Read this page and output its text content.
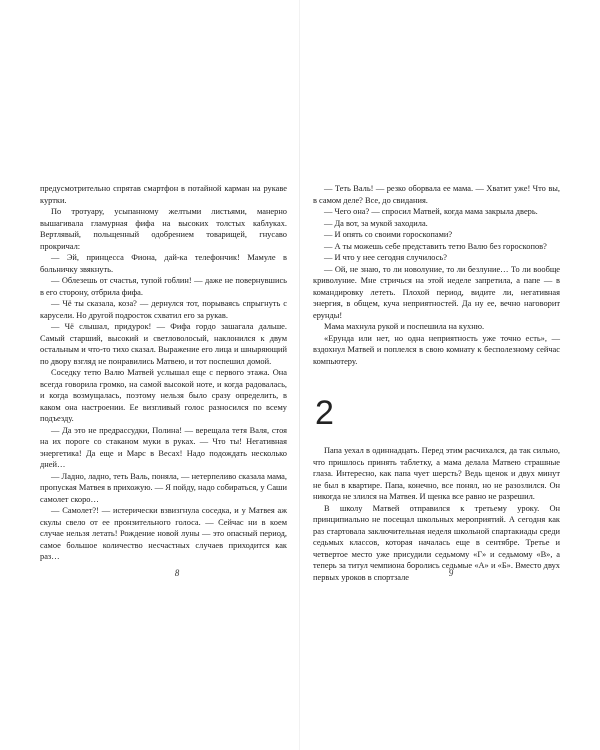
предусмотрительно спрятав смартфон в потайной карман на рукаве куртки.

По тротуару, усыпанному желтыми листьями, манерно вышагивала гламурная фифа на высоких толстых каблуках. Вертлявый, польщенный одобрением товарищей, гнусаво прокричал:

— Эй, принцесса Фиона, дай-ка телефончик! Мамуле в больничку звякнуть.

— Облезешь от счастья, тупой гоблин! — даже не повернувшись в его сторону, отбрила фифа.

— Чё ты сказала, коза? — дернулся тот, порываясь спрыгнуть с карусели. Но другой подросток схватил его за рукав.

— Чё слышал, придурок! — Фифа гордо зашагала дальше. Самый старший, высокий и светловолосый, наклонился к двум остальным и что-то тихо сказал. Выражение его лица и шныряющий по двору взгляд не понравились Матвею, и тот поспешил домой.

Соседку тетю Валю Матвей услышал еще с первого этажа. Она всегда говорила громко, на самой высокой ноте, и когда радовалась, и когда возмущалась, поэтому нельзя было сразу определить, в каком она настроении. Ее визгливый голос разносился по всему подъезду.

— Да это не предрассудки, Полина! — верещала тетя Валя, стоя на их пороге со стаканом муки в руках. — Что ты! Негативная энергетика! Да еще и Марс в Весах! Надо подождать несколько дней…

— Ладно, ладно, теть Валь, поняла, — нетерпеливо сказала мама, пропуская Матвея в прихожую. — Я пойду, надо собираться, у Саши самолет скоро…

— Самолет?! — истерически взвизгнула соседка, и у Матвея аж скулы свело от ее пронзительного голоса. — Сейчас ни в коем случае нельзя летать! Рождение новой луны — это опасный период, самое большое количество несчастных случаев приходится как раз…

8

— Теть Валь! — резко оборвала ее мама. — Хватит уже! Что вы, в самом деле? Все, до свидания.

— Чего она? — спросил Матвей, когда мама закрыла дверь.

— Да вот, за мукой заходила.

— И опять со своими гороскопами?

— А ты можешь себе представить тетю Валю без гороскопов?

— И что у нее сегодня случилось?

— Ой, не знаю, то ли новолуние, то ли безлуние… То ли вообще криволуние. Мне стричься на этой неделе запретила, а папе — в командировку лететь. Плохой период, видите ли, негативная энергия, в общем, куча неприятностей. Да ну ее, вечно наговорит ерунды!

Мама махнула рукой и поспешила на кухню.

«Ерунда или нет, но одна неприятность уже точно есть», — вздохнул Матвей и поплелся в свою комнату к бесполезному сейчас компьютеру.

2

Папа уехал в одиннадцать. Перед этим расчихался, да так сильно, что пришлось принять таблетку, а мама делала Матвею страшные глаза. Интересно, как папа чует шерсть? Ведь щенок и двух минут не был в квартире. Папа, конечно, все понял, но не разозлился. Он никогда не злился на Матвея. И щенка все равно не разрешил.

В школу Матвей отправился к третьему уроку. Он принципиально не посещал школьных мероприятий. А сегодня как раз стартовала заключительная неделя школьной спартакиады среди седьмых классов, которая началась еще в сентябре. Третье и четвертое место уже присудили седьмому «Г» и седьмому «В», а теперь за титул чемпиона боролись седьмые «А» и «Б». Вместо двух первых уроков в спортзале	9
